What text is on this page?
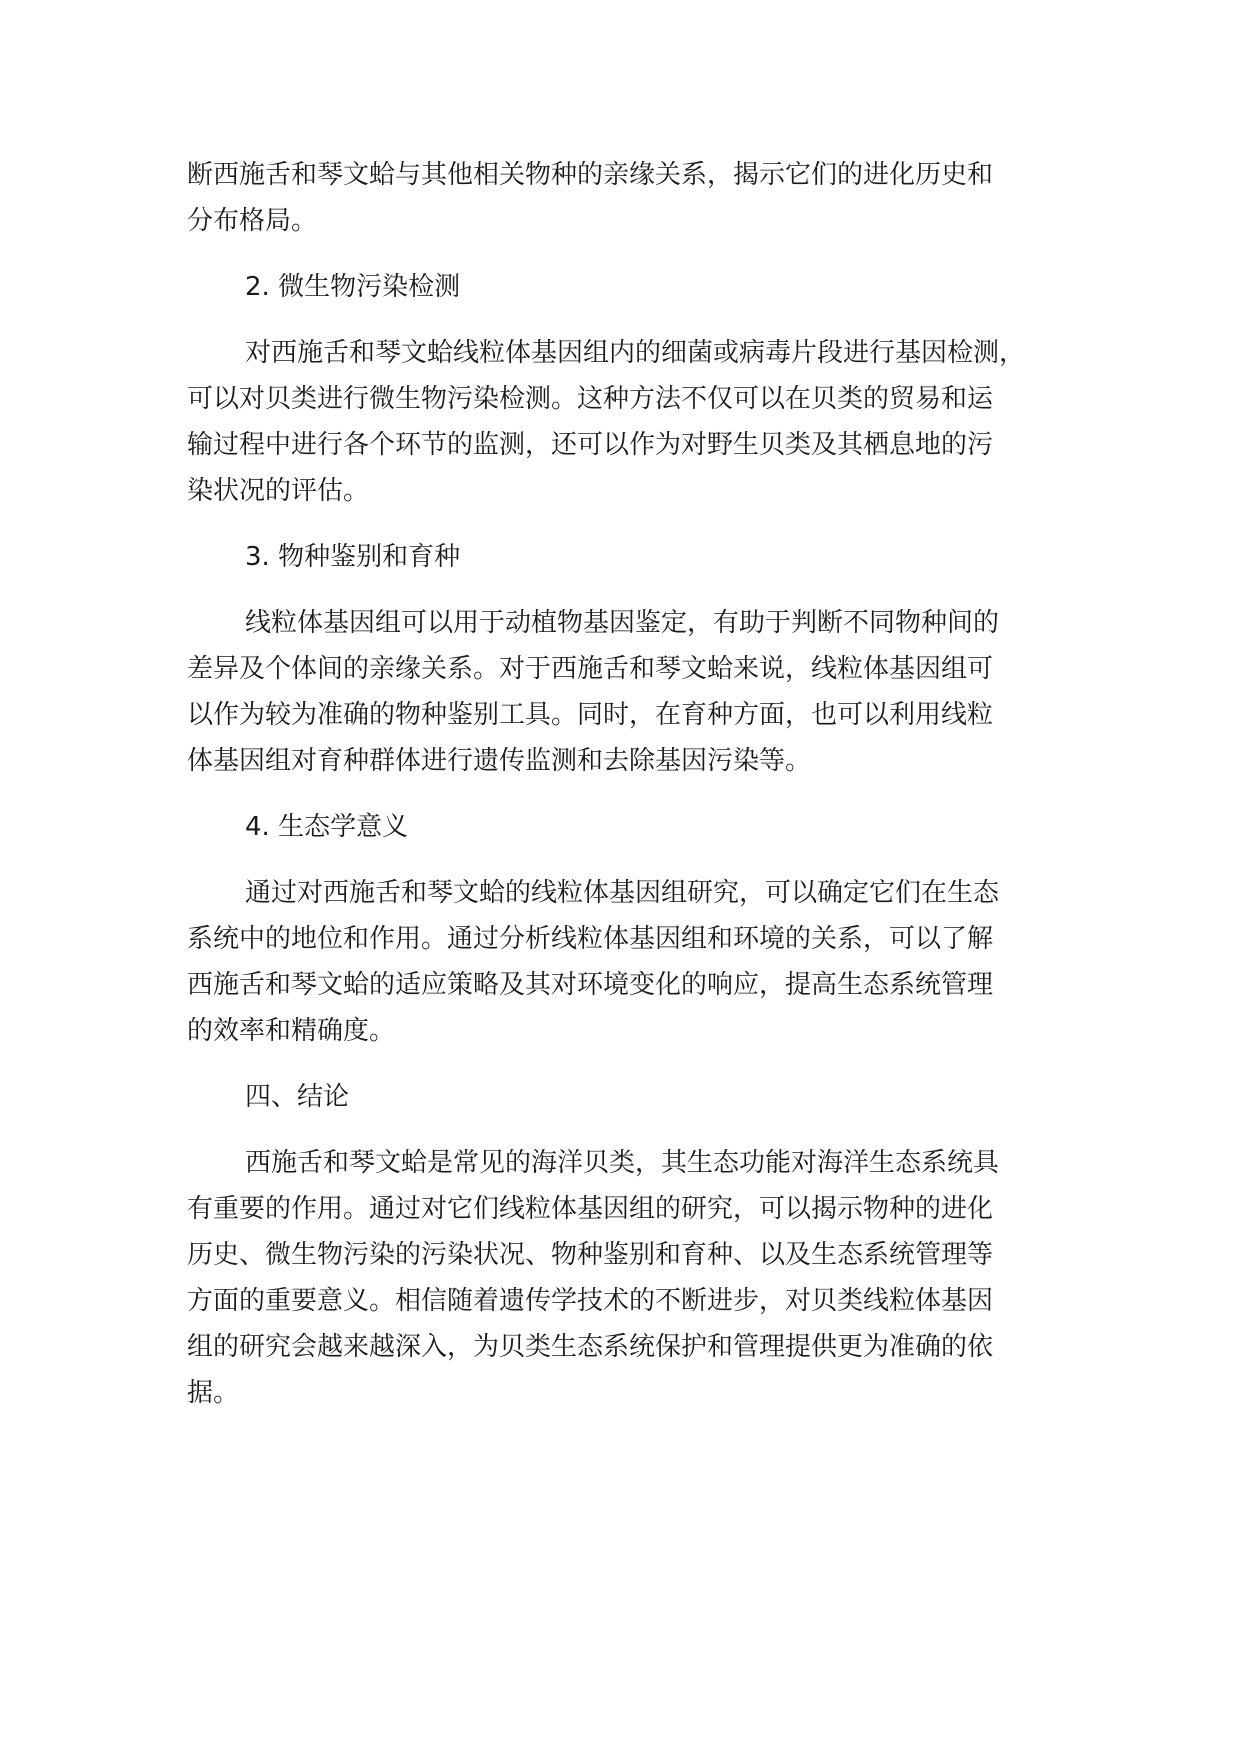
断西施舌和琴文蛤与其他相关物种的亲缘关系，揭示它们的进化历史和
分布格局。
2. 微生物污染检测
对西施舌和琴文蛤线粒体基因组内的细菌或病毒片段进行基因检测，
可以对贝类进行微生物污染检测。这种方法不仅可以在贝类的贸易和运
输过程中进行各个环节的监测，还可以作为对野生贝类及其栖息地的污
染状况的评估。
3. 物种鉴别和育种
线粒体基因组可以用于动植物基因鉴定，有助于判断不同物种间的
差异及个体间的亲缘关系。对于西施舌和琴文蛤来说，线粒体基因组可
以作为较为准确的物种鉴别工具。同时，在育种方面，也可以利用线粒
体基因组对育种群体进行遗传监测和去除基因污染等。
4. 生态学意义
通过对西施舌和琴文蛤的线粒体基因组研究，可以确定它们在生态
系统中的地位和作用。通过分析线粒体基因组和环境的关系，可以了解
西施舌和琴文蛤的适应策略及其对环境变化的响应，提高生态系统管理
的效率和精确度。
四、结论
西施舌和琴文蛤是常见的海洋贝类，其生态功能对海洋生态系统具
有重要的作用。通过对它们线粒体基因组的研究，可以揭示物种的进化
历史、微生物污染的污染状况、物种鉴别和育种、以及生态系统管理等
方面的重要意义。相信随着遗传学技术的不断进步，对贝类线粒体基因
组的研究会越来越深入，为贝类生态系统保护和管理提供更为准确的依
据。
